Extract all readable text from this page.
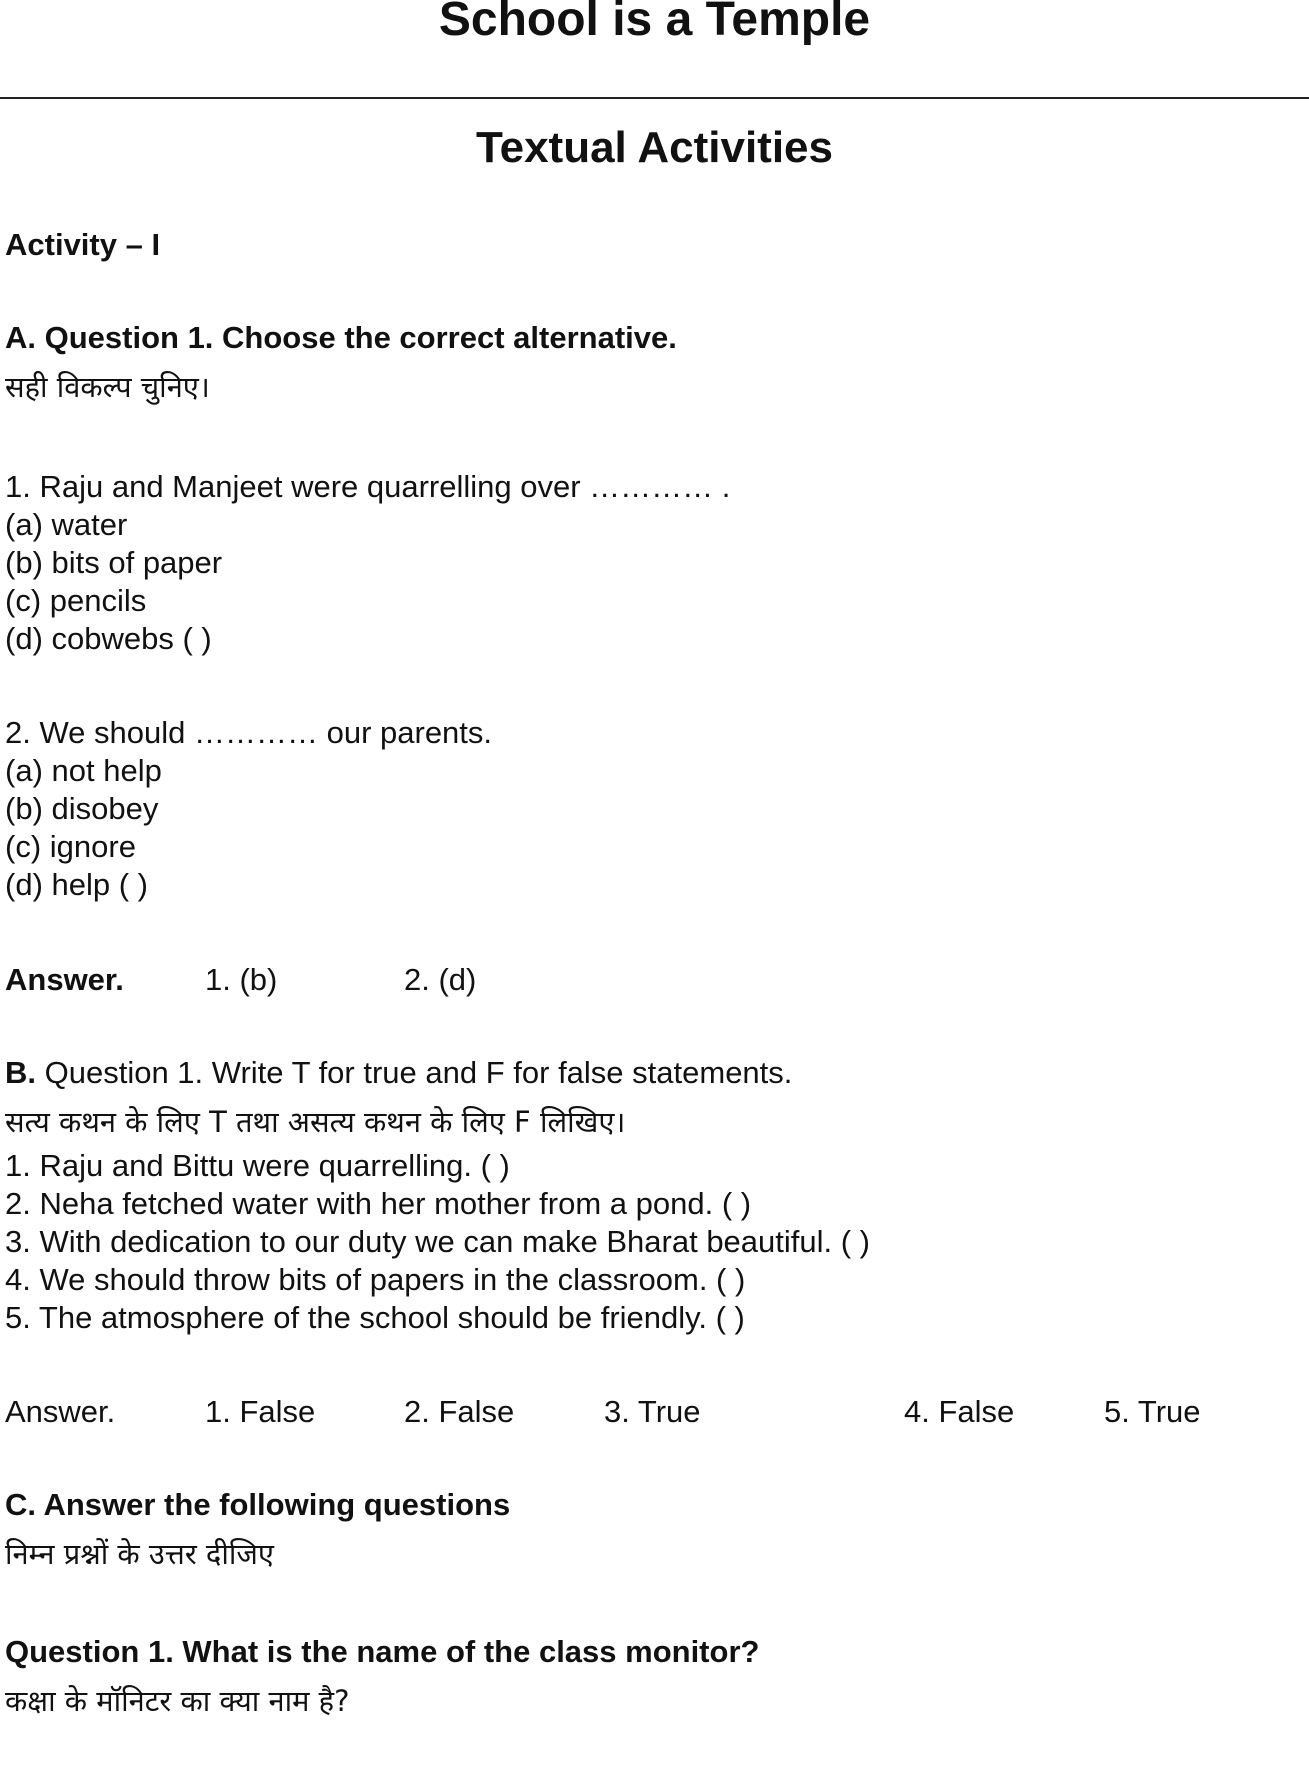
School is a Temple
Textual Activities
Activity – I
A. Question 1. Choose the correct alternative.
सही विकल्प चुनिए।
1. Raju and Manjeet were quarrelling over ………… .
(a) water
(b) bits of paper
(c) pencils
(d) cobwebs ( )
2. We should ………… our parents.
(a) not help
(b) disobey
(c) ignore
(d) help ( )
Answer.	1. (b)	2. (d)
B. Question 1. Write T for true and F for false statements.
सत्य कथन के लिए T तथा असत्य कथन के लिए F लिखिए।
1. Raju and Bittu were quarrelling. ( )
2. Neha fetched water with her mother from a pond. ( )
3. With dedication to our duty we can make Bharat beautiful. ( )
4. We should throw bits of papers in the classroom. ( )
5. The atmosphere of the school should be friendly. ( )
Answer.	1. False	2. False	3. True	4. False	5. True
C. Answer the following questions
निम्न प्रश्नों के उत्तर दीजिए
Question 1. What is the name of the class monitor?
कक्षा के मॉनिटर का क्या नाम है?
